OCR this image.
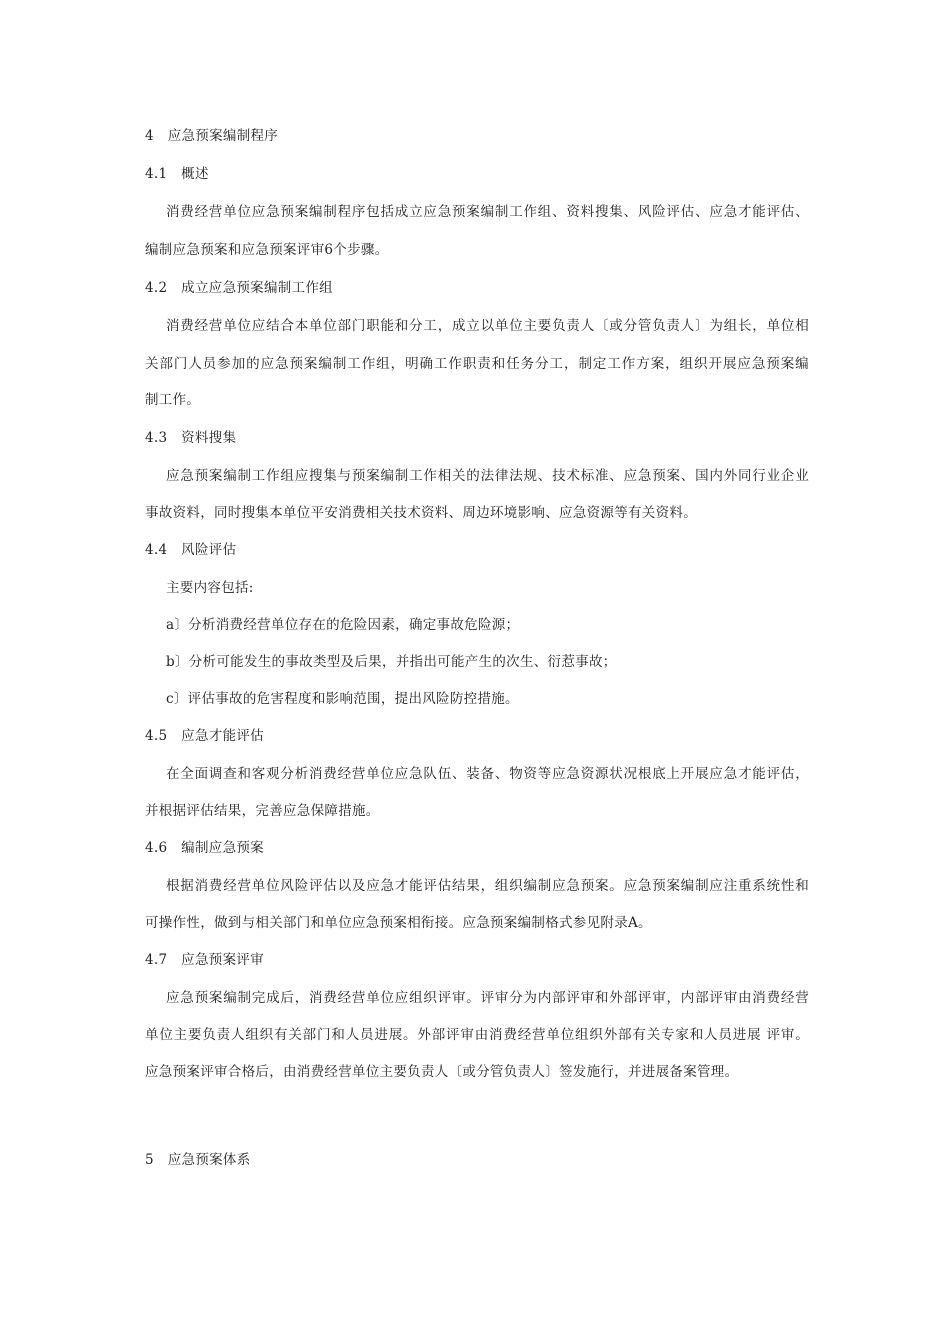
4　应急预案编制程序
4.1　概述
消费经营单位应急预案编制程序包括成立应急预案编制工作组、资料搜集、风险评估、应急才能评估、
编制应急预案和应急预案评审6个步骤。
4.2　成立应急预案编制工作组
消费经营单位应结合本单位部门职能和分工，成立以单位主要负责人〔或分管负责人〕为组长，单位相
关部门人员参加的应急预案编制工作组，明确工作职责和任务分工，制定工作方案，组织开展应急预案编
制工作。
4.3　资料搜集
应急预案编制工作组应搜集与预案编制工作相关的法律法规、技术标准、应急预案、国内外同行业企业
事故资料，同时搜集本单位平安消费相关技术资料、周边环境影响、应急资源等有关资料。
4.4　风险评估
主要内容包括:
a〕分析消费经营单位存在的危险因素，确定事故危险源；
b〕分析可能发生的事故类型及后果，并指出可能产生的次生、衍惹事故；
c〕评估事故的危害程度和影响范围，提出风险防控措施。
4.5　应急才能评估
在全面调查和客观分析消费经营单位应急队伍、装备、物资等应急资源状况根底上开展应急才能评估，
并根据评估结果，完善应急保障措施。
4.6　编制应急预案
根据消费经营单位风险评估以及应急才能评估结果，组织编制应急预案。应急预案编制应注重系统性和
可操作性，做到与相关部门和单位应急预案相衔接。应急预案编制格式参见附录A。
4.7　应急预案评审
应急预案编制完成后，消费经营单位应组织评审。评审分为内部评审和外部评审，内部评审由消费经营
单位主要负责人组织有关部门和人员进展。外部评审由消费经营单位组织外部有关专家和人员进展 评审。
应急预案评审合格后，由消费经营单位主要负责人〔或分管负责人〕签发施行，并进展备案管理。
5　应急预案体系
